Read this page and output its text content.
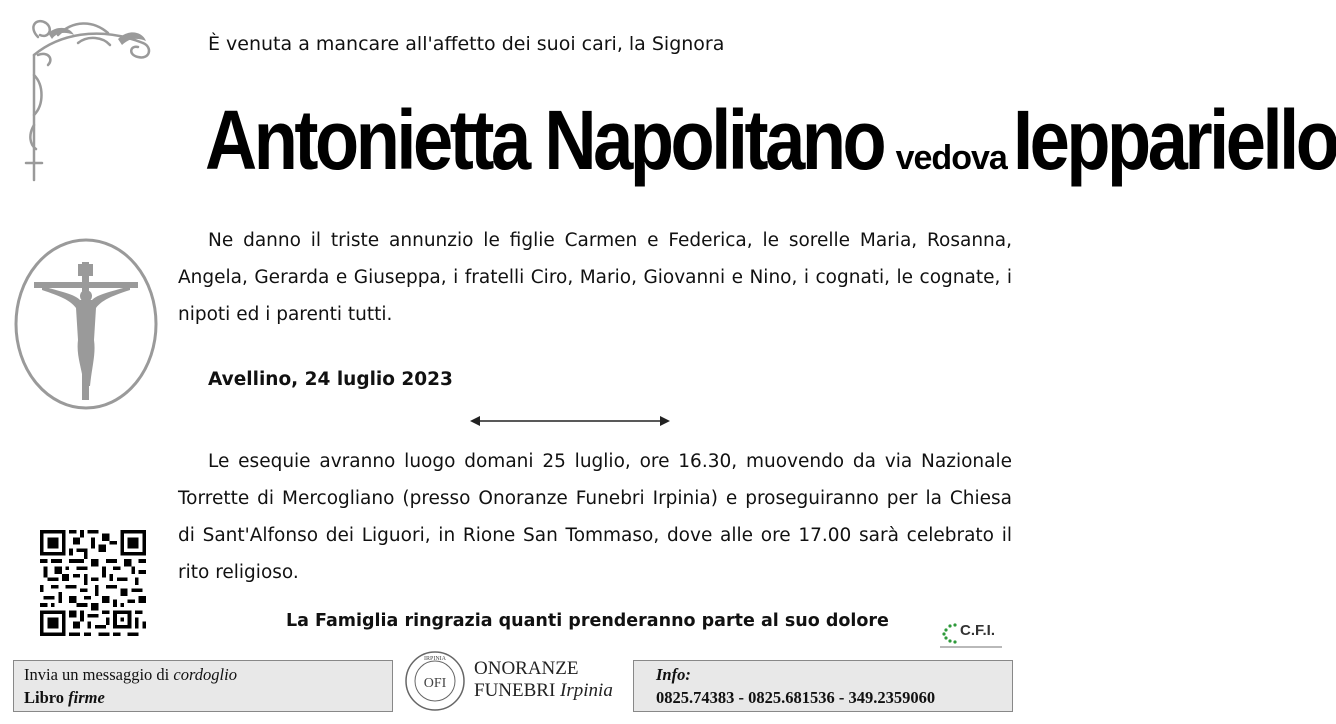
È venuta a mancare all'affetto dei suoi cari, la Signora
Antonietta Napolitano vedova Ieppariello
Ne danno il triste annunzio le figlie Carmen e Federica, le sorelle Maria, Rosanna, Angela, Gerarda e Giuseppa, i fratelli Ciro, Mario, Giovanni e Nino, i cognati, le cognate, i nipoti ed i parenti tutti.
Avellino, 24 luglio 2023
Le esequie avranno luogo domani 25 luglio, ore 16.30, muovendo da via Nazionale Torrette di Mercogliano (presso Onoranze Funebri Irpinia) e proseguiranno per la Chiesa di Sant'Alfonso dei Liguori, in Rione San Tommaso, dove alle ore 17.00 sarà celebrato il rito religioso.
La Famiglia ringrazia quanti prenderanno parte al suo dolore	C.F.I.
Invia un messaggio di cordoglio
Libro firme
IRPINIA
OFI
ONORANZE
FUNEBRI Irpinia
Info:
0825.74383 - 0825.681536 - 349.2359060
